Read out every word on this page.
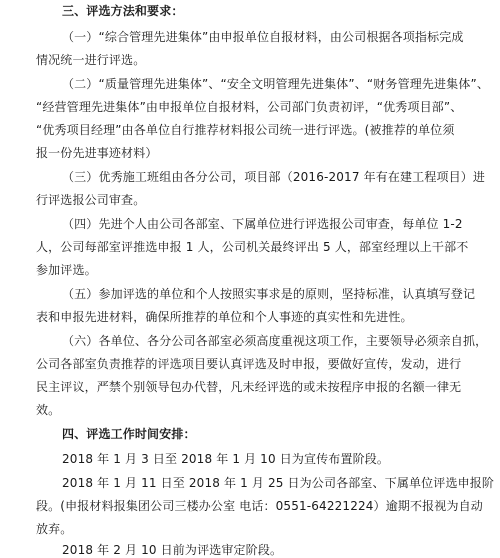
三、评选方法和要求：

（一）“综合管理先进集体”由申报单位自报材料，由公司根据各项指标完成

情况统一进行评选。

（二）“质量管理先进集体”、“安全文明管理先进集体”、“财务管理先进集体”、

“经营管理先进集体”由申报单位自报材料，公司部门负责初评，“优秀项目部”、

“优秀项目经理”由各单位自行推荐材料报公司统一进行评选。(被推荐的单位须

报一份先进事迹材料）

（三）优秀施工班组由各分公司，项目部（2016-2017 年有在建工程项目）进

行评选报公司审查。

（四）先进个人由公司各部室、下属单位进行评选报公司审查，每单位 1-2

人，公司每部室评推选申报 1 人，公司机关最终评出 5 人，部室经理以上干部不

参加评选。

（五）参加评选的单位和个人按照实事求是的原则，坚持标准，认真填写登记

表和申报先进材料，确保所推荐的单位和个人事迹的真实性和先进性。

（六）各单位、各分公司各部室必须高度重视这项工作，主要领导必须亲自抓，

公司各部室负责推荐的评选项目要认真评选及时申报，要做好宣传，发动，进行

民主评议，严禁个别领导包办代替，凡未经评选的或未按程序申报的名额一律无

效。

四、评选工作时间安排：

2018 年 1 月 3 日至 2018 年 1 月 10 日为宣传布置阶段。

2018 年 1 月 11 日至 2018 年 1 月 25 日为公司各部室、下属单位评选申报阶

段。(申报材料报集团公司三楼办公室 电话：0551-64221224）逾期不报视为自动

放弃。

2018 年 2 月 10 日前为评选审定阶段。
